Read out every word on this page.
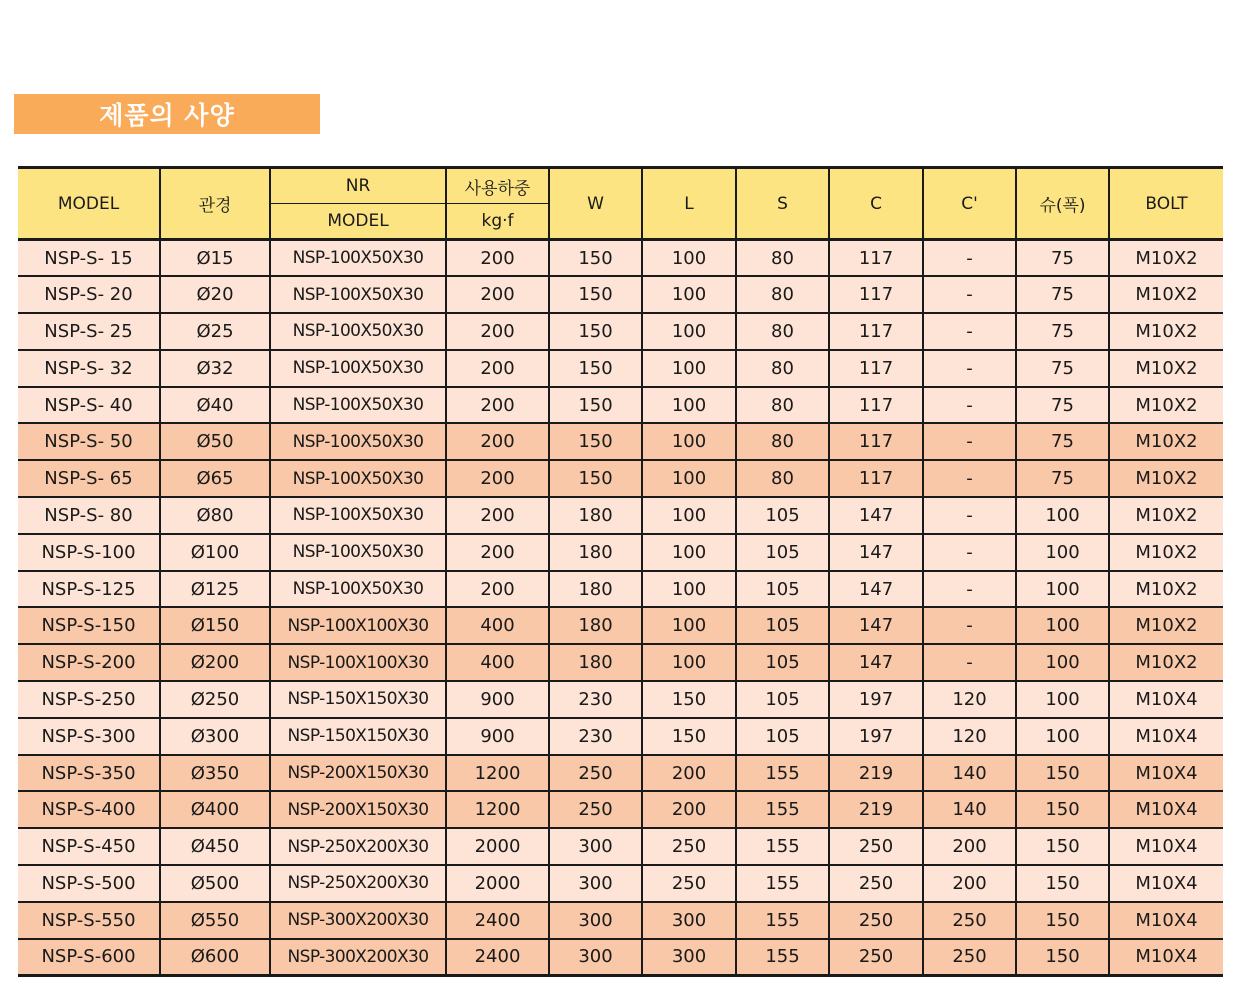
제품의 사양
MODEL	관경	NR	사용하중	W	L	S	C	C'	슈(폭)	BOLT
		MODEL	kg·f							
NSP-S- 15	Ø15	NSP-100X50X30	200	150	100	80	117	-	75	M10X2
NSP-S- 20	Ø20	NSP-100X50X30	200	150	100	80	117	-	75	M10X2
NSP-S- 25	Ø25	NSP-100X50X30	200	150	100	80	117	-	75	M10X2
NSP-S- 32	Ø32	NSP-100X50X30	200	150	100	80	117	-	75	M10X2
NSP-S- 40	Ø40	NSP-100X50X30	200	150	100	80	117	-	75	M10X2
NSP-S- 50	Ø50	NSP-100X50X30	200	150	100	80	117	-	75	M10X2
NSP-S- 65	Ø65	NSP-100X50X30	200	150	100	80	117	-	75	M10X2
NSP-S- 80	Ø80	NSP-100X50X30	200	180	100	105	147	-	100	M10X2
NSP-S-100	Ø100	NSP-100X50X30	200	180	100	105	147	-	100	M10X2
NSP-S-125	Ø125	NSP-100X50X30	200	180	100	105	147	-	100	M10X2
NSP-S-150	Ø150	NSP-100X100X30	400	180	100	105	147	-	100	M10X2
NSP-S-200	Ø200	NSP-100X100X30	400	180	100	105	147	-	100	M10X2
NSP-S-250	Ø250	NSP-150X150X30	900	230	150	105	197	120	100	M10X4
NSP-S-300	Ø300	NSP-150X150X30	900	230	150	105	197	120	100	M10X4
NSP-S-350	Ø350	NSP-200X150X30	1200	250	200	155	219	140	150	M10X4
NSP-S-400	Ø400	NSP-200X150X30	1200	250	200	155	219	140	150	M10X4
NSP-S-450	Ø450	NSP-250X200X30	2000	300	250	155	250	200	150	M10X4
NSP-S-500	Ø500	NSP-250X200X30	2000	300	250	155	250	200	150	M10X4
NSP-S-550	Ø550	NSP-300X200X30	2400	300	300	155	250	250	150	M10X4
NSP-S-600	Ø600	NSP-300X200X30	2400	300	300	155	250	250	150	M10X4
